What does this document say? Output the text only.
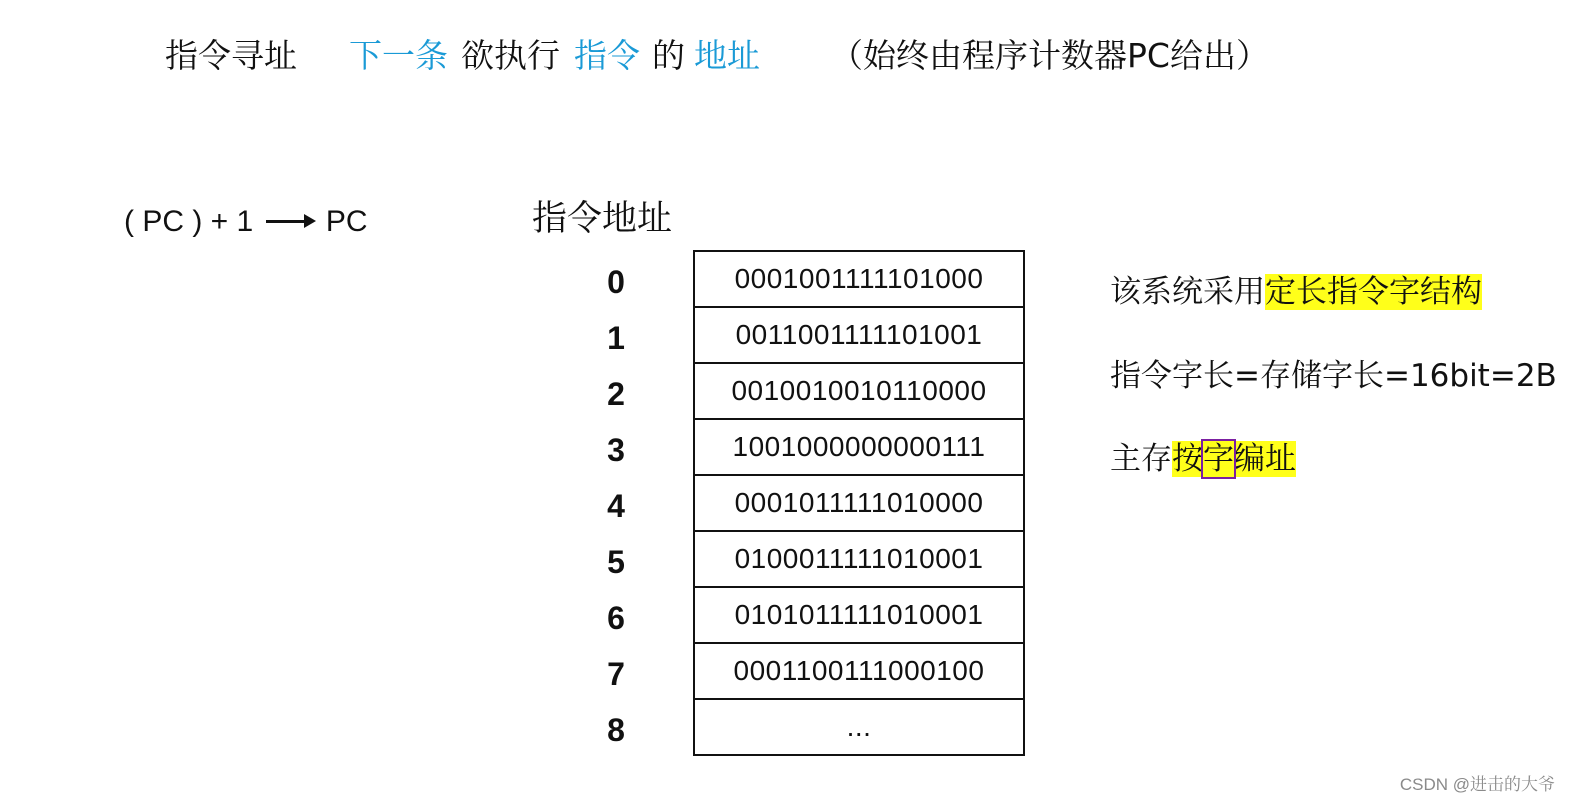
指令寻址 下一条 欲执行 指令 的 地址 （始终由程序计数器PC给出）
( PC ) + 1 PC	指令地址
0
1
2
3
4
5
6
7
8
0001001111101000
0011001111101001
0010010010110000
1001000000000111
0001011111010000
0100011111010001
0101011111010001
0001100111000100
...
该系统采用定长指令字结构
指令字长=存储字长=16bit=2B
主存按字编址
CSDN @进击的大爷
